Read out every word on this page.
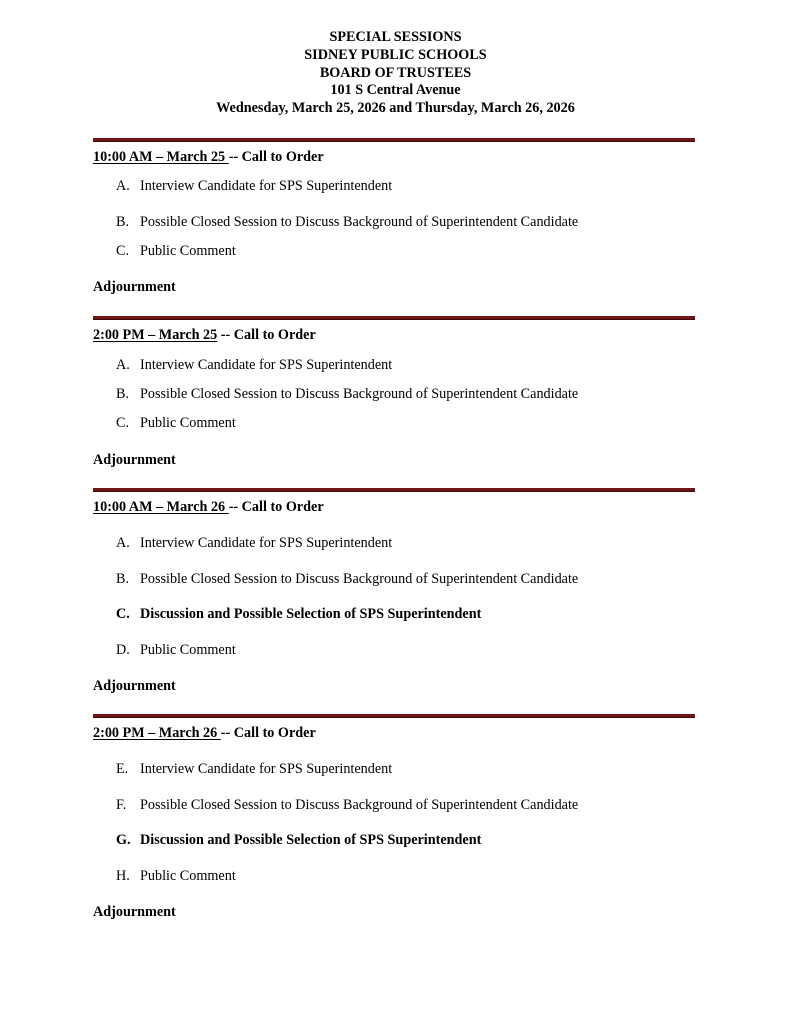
SPECIAL SESSIONS
SIDNEY PUBLIC SCHOOLS
BOARD OF TRUSTEES
101 S Central Avenue
Wednesday, March 25, 2026 and Thursday, March 26, 2026
10:00 AM – March 25 -- Call to Order
A. Interview Candidate for SPS Superintendent
B. Possible Closed Session to Discuss Background of Superintendent Candidate
C. Public Comment
Adjournment
2:00 PM – March 25 -- Call to Order
A. Interview Candidate for SPS Superintendent
B. Possible Closed Session to Discuss Background of Superintendent Candidate
C. Public Comment
Adjournment
10:00 AM – March 26 -- Call to Order
A. Interview Candidate for SPS Superintendent
B. Possible Closed Session to Discuss Background of Superintendent Candidate
C. Discussion and Possible Selection of SPS Superintendent
D. Public Comment
Adjournment
2:00 PM – March 26 -- Call to Order
E. Interview Candidate for SPS Superintendent
F. Possible Closed Session to Discuss Background of Superintendent Candidate
G. Discussion and Possible Selection of SPS Superintendent
H. Public Comment
Adjournment
